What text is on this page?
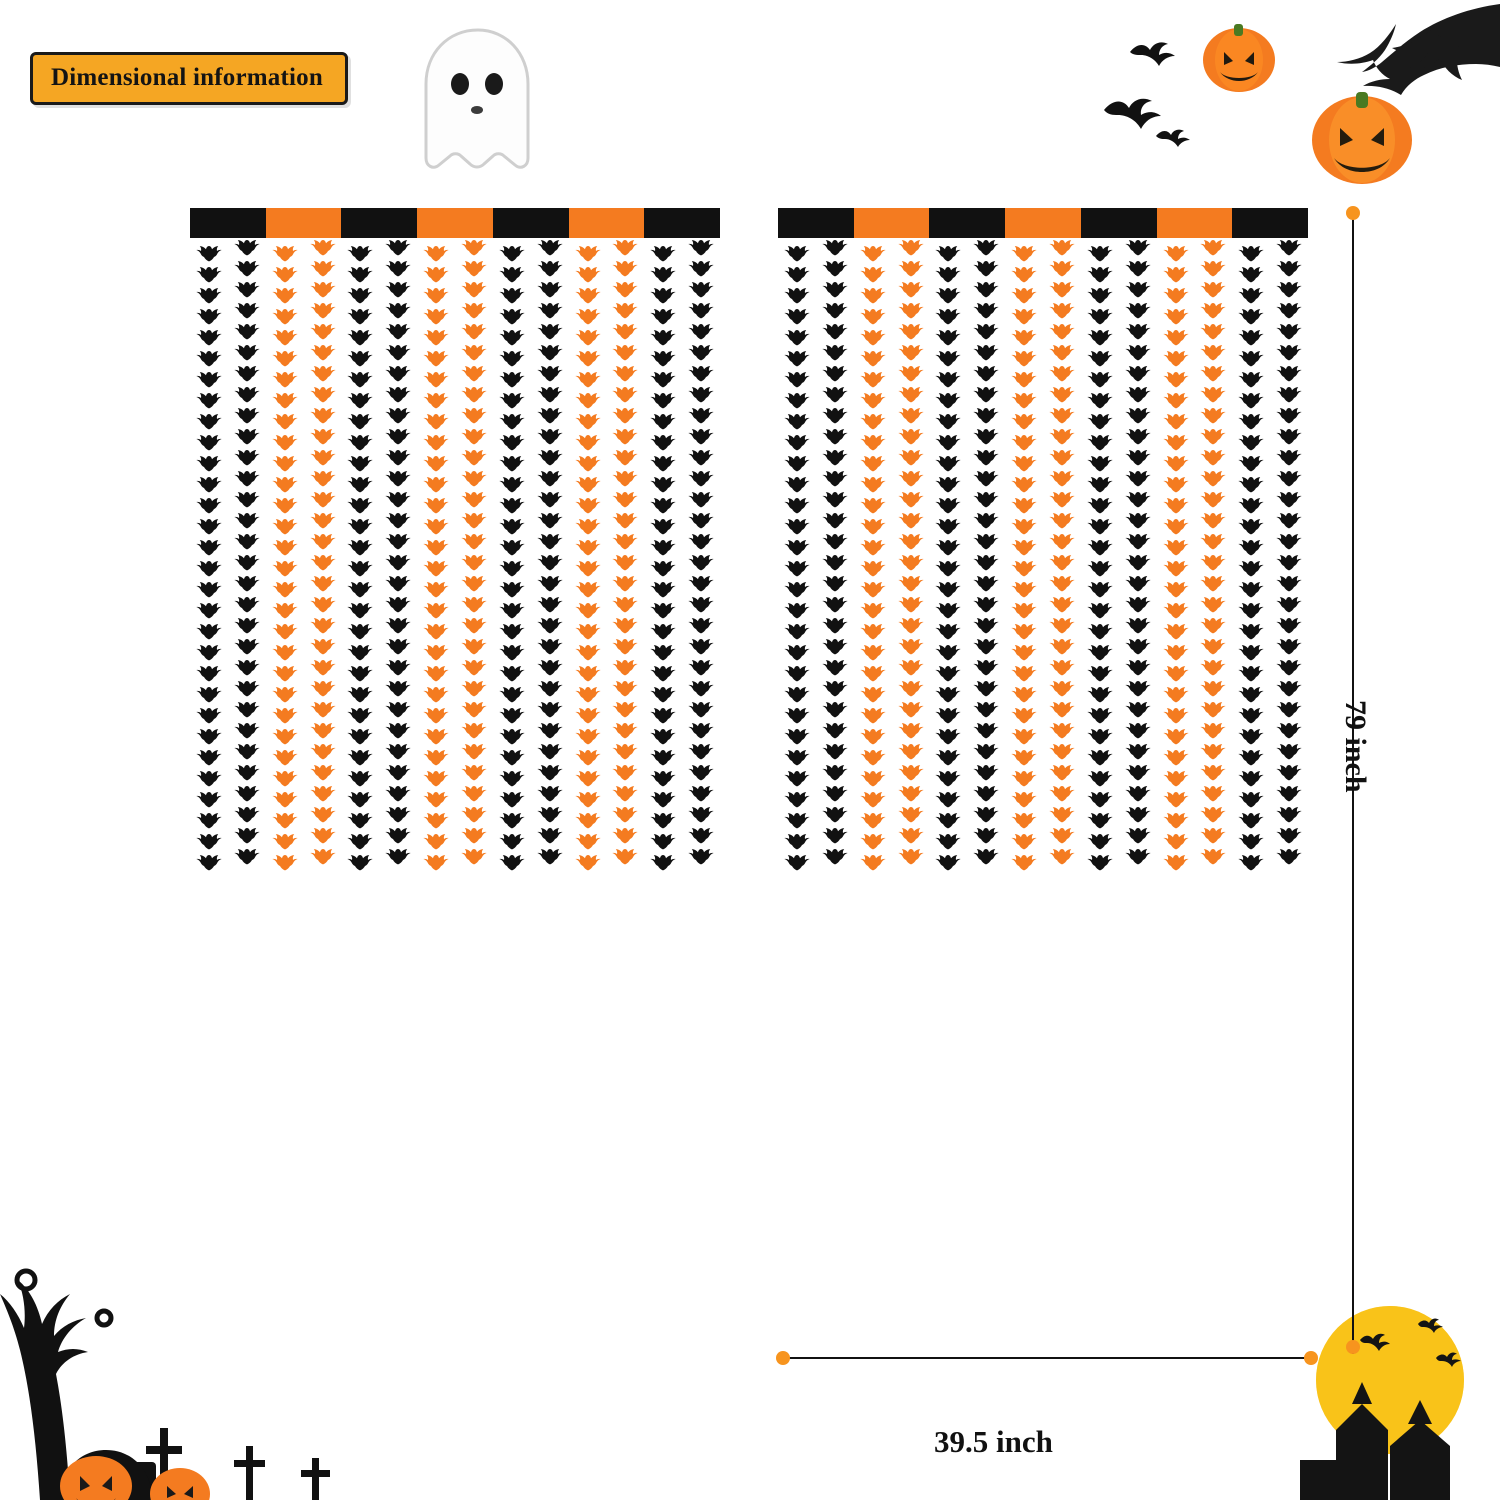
Dimensional information
79 inch
39.5 inch
